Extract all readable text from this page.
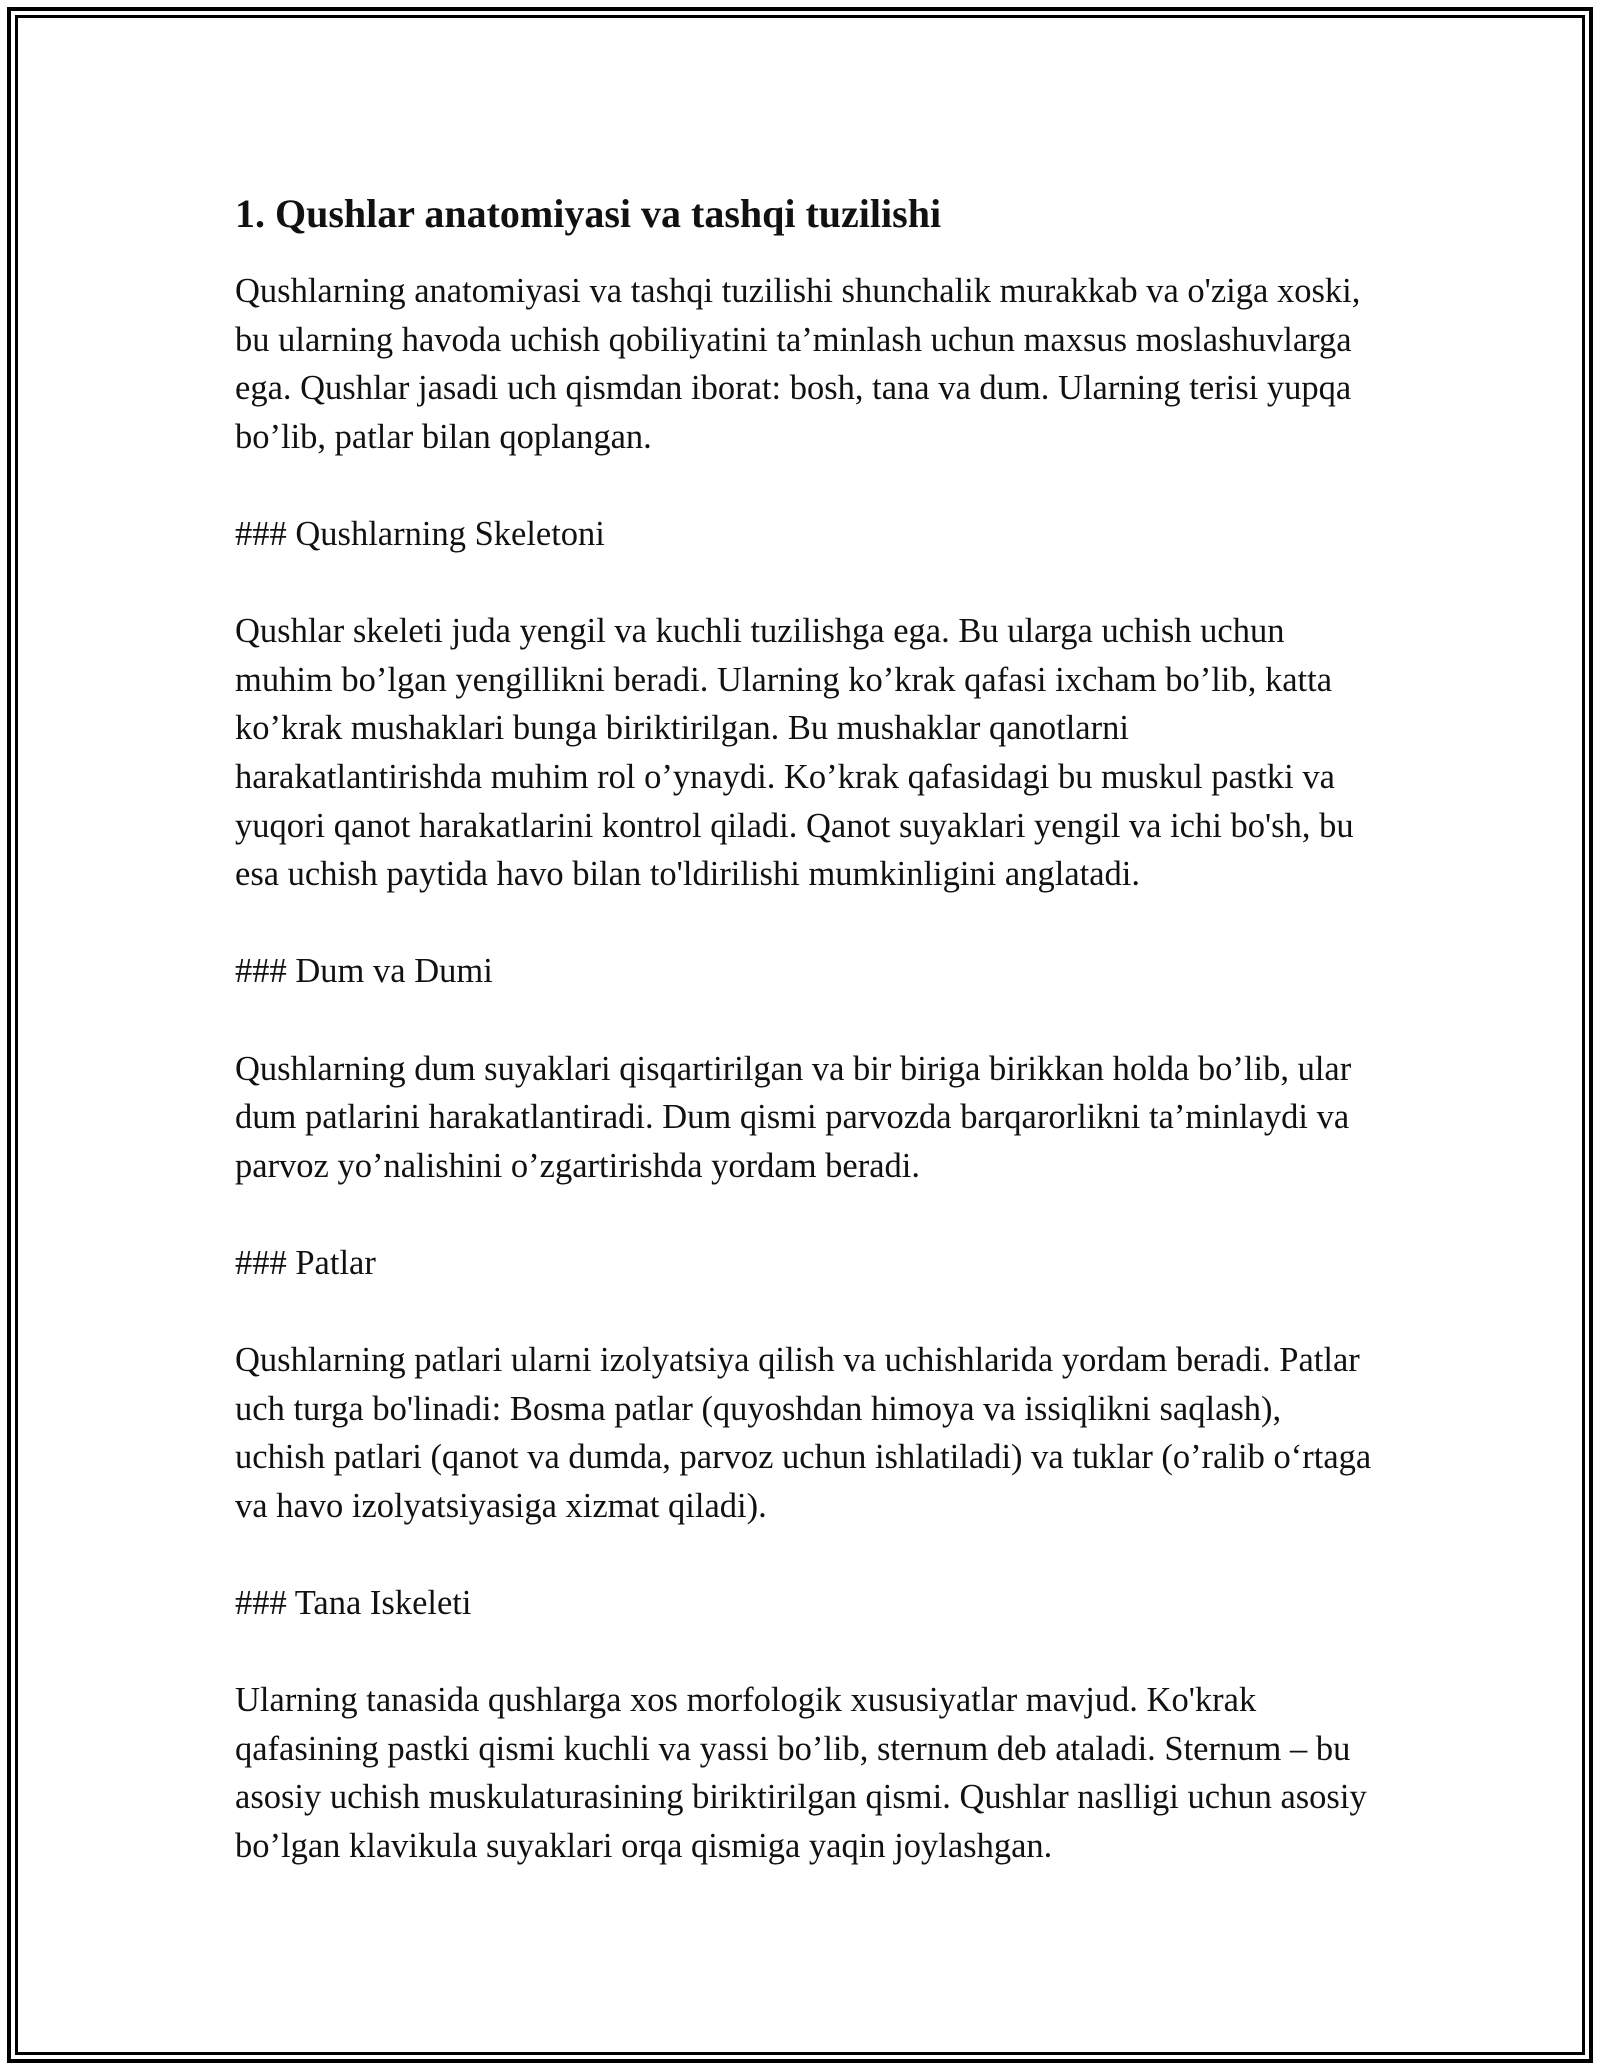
1. Qushlar anatomiyasi va tashqi tuzilishi

Qushlarning anatomiyasi va tashqi tuzilishi shunchalik murakkab va o'ziga xoski, bu ularning havoda uchish qobiliyatini ta’minlash uchun maxsus moslashuvlarga ega. Qushlar jasadi uch qismdan iborat: bosh, tana va dum. Ularning terisi yupqa bo’lib, patlar bilan qoplangan.

### Qushlarning Skeletoni

Qushlar skeleti juda yengil va kuchli tuzilishga ega. Bu ularga uchish uchun muhim bo’lgan yengillikni beradi. Ularning ko’krak qafasi ixcham bo’lib, katta ko’krak mushaklari bunga biriktirilgan. Bu mushaklar qanotlarni harakatlantirishda muhim rol o’ynaydi. Ko’krak qafasidagi bu muskul pastki va yuqori qanot harakatlarini kontrol qiladi. Qanot suyaklari yengil va ichi bo'sh, bu esa uchish paytida havo bilan to'ldirilishi mumkinligini anglatadi.

### Dum va Dumi

Qushlarning dum suyaklari qisqartirilgan va bir biriga birikkan holda bo’lib, ular dum patlarini harakatlantiradi. Dum qismi parvozda barqarorlikni ta’minlaydi va parvoz yo’nalishini o’zgartirishda yordam beradi.

### Patlar

Qushlarning patlari ularni izolyatsiya qilish va uchishlarida yordam beradi. Patlar uch turga bo'linadi: Bosma patlar (quyoshdan himoya va issiqlikni saqlash), uchish patlari (qanot va dumda, parvoz uchun ishlatiladi) va tuklar (o’ralib o‘rtaga va havo izolyatsiyasiga xizmat qiladi).

### Tana Iskeleti

Ularning tanasida qushlarga xos morfologik xususiyatlar mavjud. Ko'krak qafasining pastki qismi kuchli va yassi bo’lib, sternum deb ataladi. Sternum – bu asosiy uchish muskulaturasining biriktirilgan qismi. Qushlar naslligi uchun asosiy bo’lgan klavikula suyaklari orqa qismiga yaqin joylashgan.
